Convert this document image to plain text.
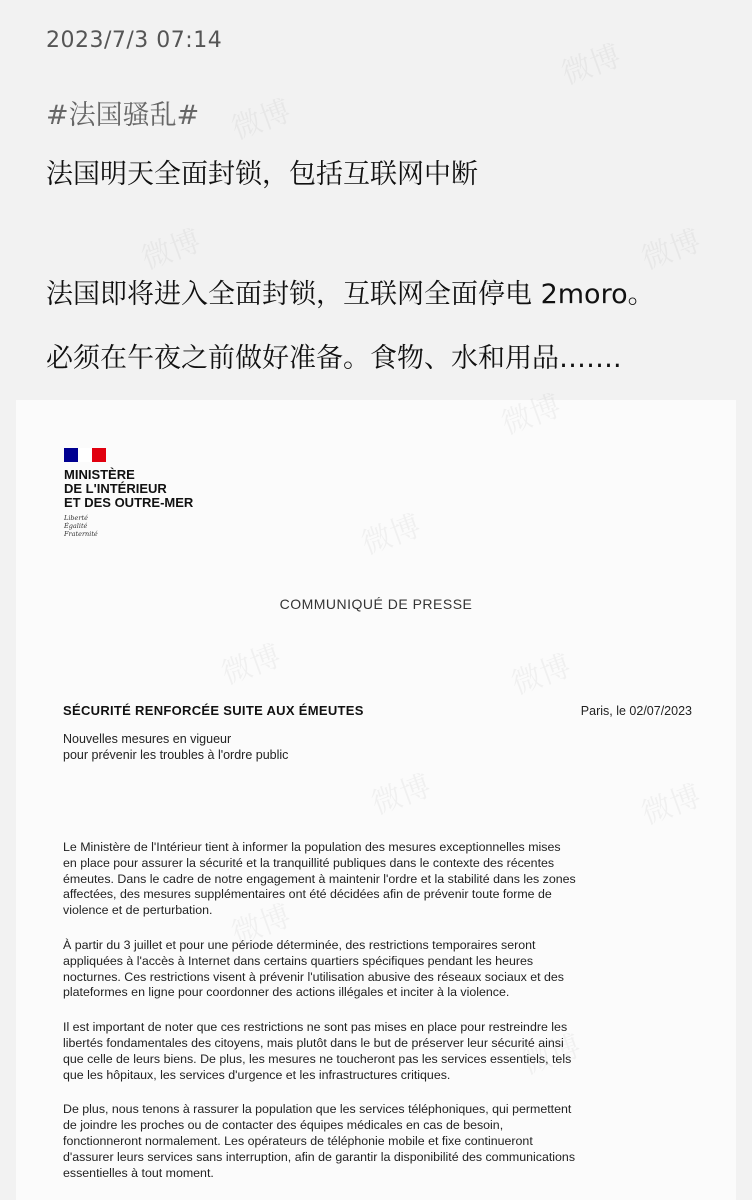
2023/7/3 07:14
#法国骚乱#
法国明天全面封锁，包括互联网中断
法国即将进入全面封锁，互联网全面停电 2moro。
必须在午夜之前做好准备。食物、水和用品…….
MINISTÈRE
DE L'INTÉRIEUR
ET DES OUTRE-MER
Liberté
Égalité
Fraternité
COMMUNIQUÉ DE PRESSE
SÉCURITÉ RENFORCÉE SUITE AUX ÉMEUTES	Paris, le 02/07/2023
Nouvelles mesures en vigueur
pour prévenir les troubles à l'ordre public

Le Ministère de l'Intérieur tient à informer la population des mesures exceptionnelles mises
en place pour assurer la sécurité et la tranquillité publiques dans le contexte des récentes
émeutes. Dans le cadre de notre engagement à maintenir l'ordre et la stabilité dans les zones
affectées, des mesures supplémentaires ont été décidées afin de prévenir toute forme de
violence et de perturbation.

À partir du 3 juillet et pour une période déterminée, des restrictions temporaires seront
appliquées à l'accès à Internet dans certains quartiers spécifiques pendant les heures
nocturnes. Ces restrictions visent à prévenir l'utilisation abusive des réseaux sociaux et des
plateformes en ligne pour coordonner des actions illégales et inciter à la violence.

Il est important de noter que ces restrictions ne sont pas mises en place pour restreindre les
libertés fondamentales des citoyens, mais plutôt dans le but de préserver leur sécurité ainsi
que celle de leurs biens. De plus, les mesures ne toucheront pas les services essentiels, tels
que les hôpitaux, les services d'urgence et les infrastructures critiques.

De plus, nous tenons à rassurer la population que les services téléphoniques, qui permettent
de joindre les proches ou de contacter des équipes médicales en cas de besoin,
fonctionneront normalement. Les opérateurs de téléphonie mobile et fixe continueront
d'assurer leurs services sans interruption, afin de garantir la disponibilité des communications
essentielles à tout moment.
